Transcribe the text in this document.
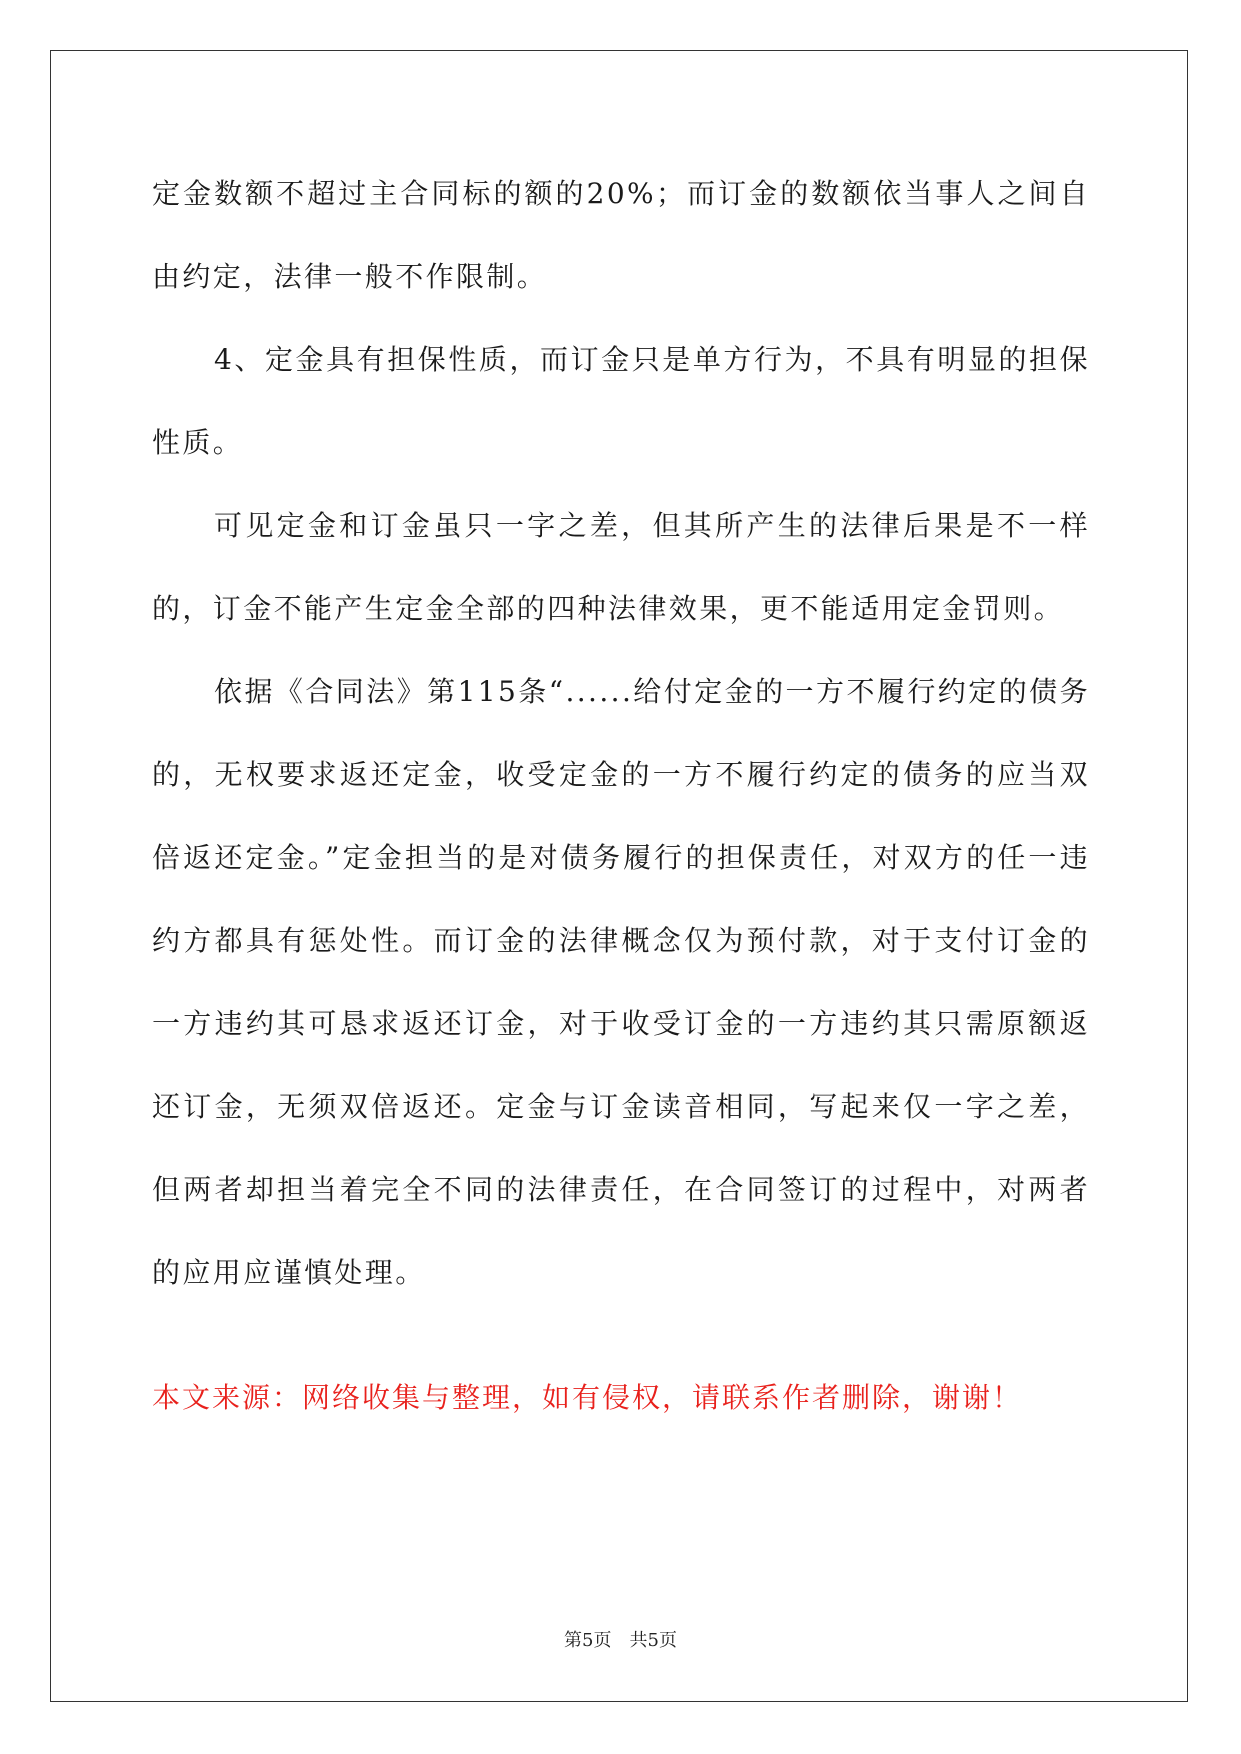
定金数额不超过主合同标的额的20%；而订金的数额依当事人之间自由约定，法律一般不作限制。

4、定金具有担保性质，而订金只是单方行为，不具有明显的担保性质。

可见定金和订金虽只一字之差，但其所产生的法律后果是不一样的，订金不能产生定金全部的四种法律效果，更不能适用定金罚则。

依据《合同法》第115条“......给付定金的一方不履行约定的债务的，无权要求返还定金，收受定金的一方不履行约定的债务的应当双倍返还定金。”定金担当的是对债务履行的担保责任，对双方的任一违约方都具有惩处性。而订金的法律概念仅为预付款，对于支付订金的一方违约其可恳求返还订金，对于收受订金的一方违约其只需原额返还订金，无须双倍返还。定金与订金读音相同，写起来仅一字之差，但两者却担当着完全不同的法律责任，在合同签订的过程中，对两者的应用应谨慎处理。

本文来源：网络收集与整理，如有侵权，请联系作者删除，谢谢！
第5页 共5页
